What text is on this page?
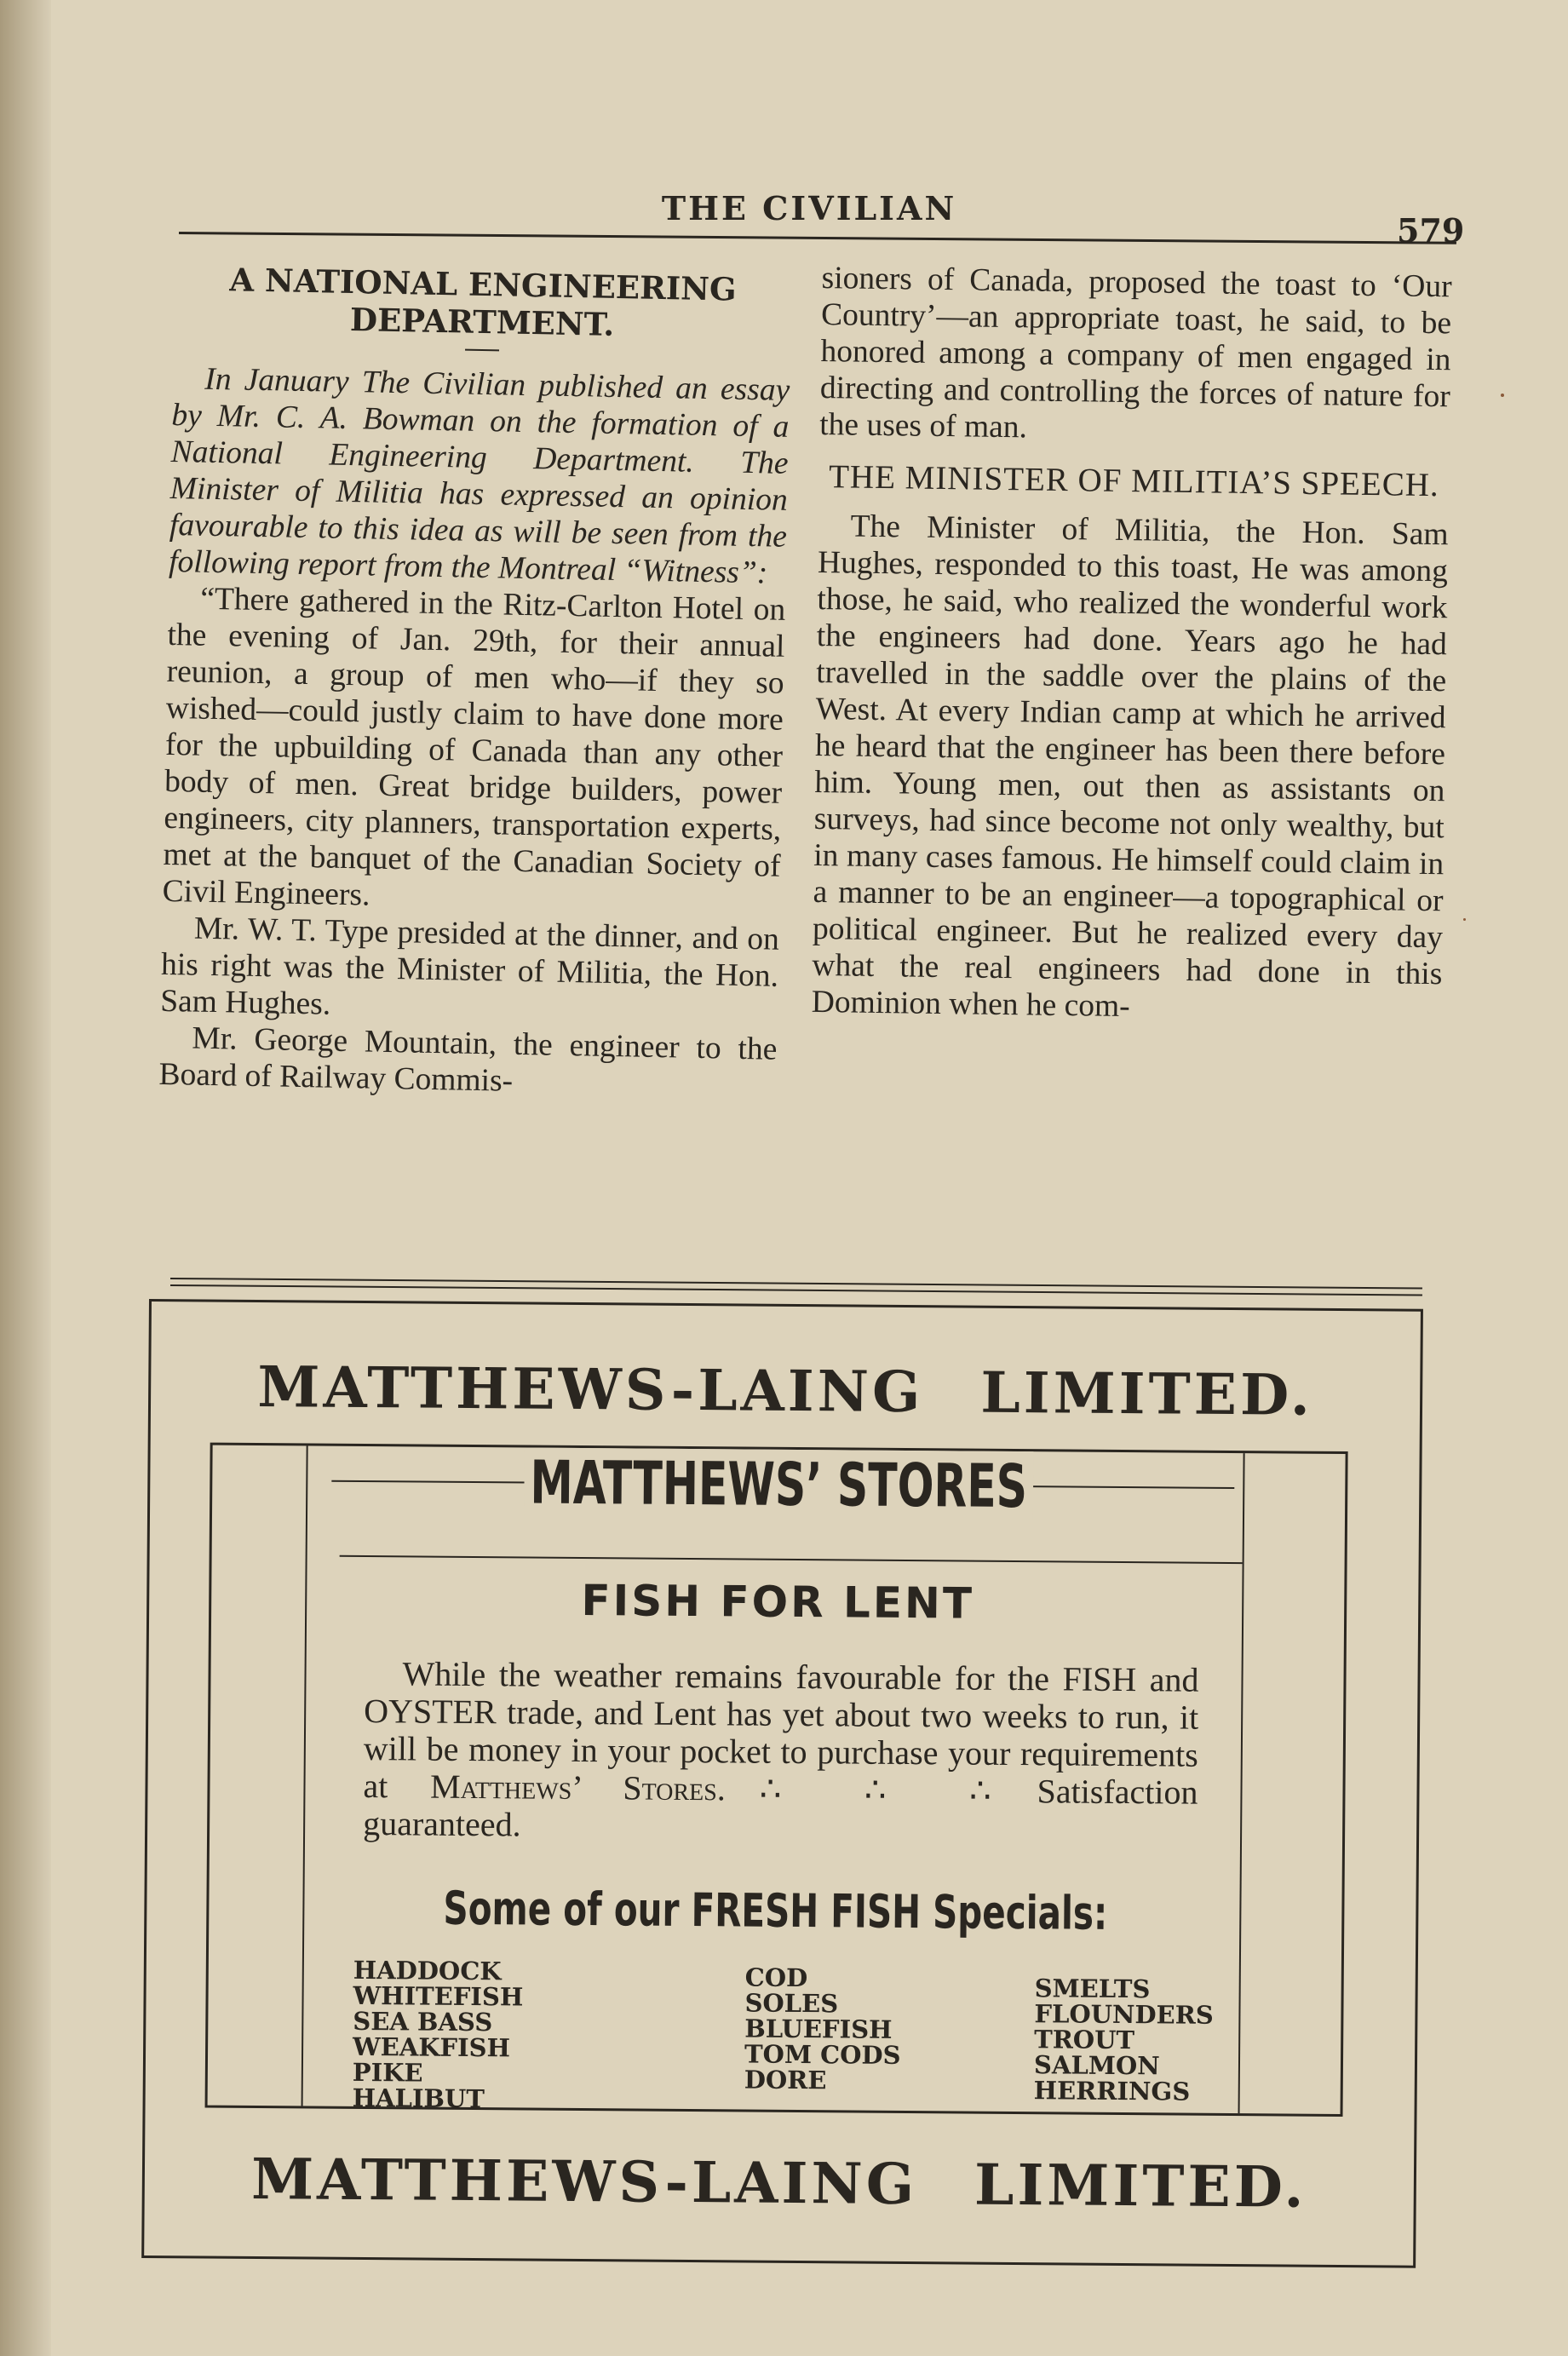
THE CIVILIAN
579
A NATIONAL ENGINEERING DEPARTMENT.

In January The Civilian published an essay by Mr. C. A. Bowman on the formation of a National Engineering Department. The Minister of Militia has expressed an opinion favourable to this idea as will be seen from the following report from the Montreal “Witness”:

“There gathered in the Ritz-Carlton Hotel on the evening of Jan. 29th, for their annual reunion, a group of men who—if they so wished—could justly claim to have done more for the upbuilding of Canada than any other body of men. Great bridge builders, power engineers, city planners, transportation experts, met at the banquet of the Canadian Society of Civil Engineers.

Mr. W. T. Type presided at the dinner, and on his right was the Minister of Militia, the Hon. Sam Hughes.

Mr. George Mountain, the engineer to the Board of Railway Commis-

sioners of Canada, proposed the toast to ‘Our Country’—an appropriate toast, he said, to be honored among a company of men engaged in directing and controlling the forces of nature for the uses of man.

THE MINISTER OF MILITIA’S SPEECH.

The Minister of Militia, the Hon. Sam Hughes, responded to this toast, He was among those, he said, who realized the wonderful work the engineers had done. Years ago he had travelled in the saddle over the plains of the West. At every Indian camp at which he arrived he heard that the engineer has been there before him. Young men, out then as assistants on surveys, had since become not only wealthy, but in many cases famous. He himself could claim in a manner to be an engineer—a topographical or political engineer. But he realized every day what the real engineers had done in this Dominion when he com-

MATTHEWS-LAING LIMITED.
MATTHEWS’ STORES
FISH FOR LENT

While the weather remains favourable for the FISH and OYSTER trade, and Lent has yet about two weeks to run, it will be money in your pocket to purchase your requirements at Matthews’ Stores. ∴ ∴ ∴ Satisfaction guaranteed.

Some of our FRESH FISH Specials:
HADDOCK
WHITEFISH
SEA BASS
WEAKFISH
PIKE
HALIBUT
COD
SOLES
BLUEFISH
TOM CODS
DORE
SMELTS
FLOUNDERS
TROUT
SALMON
HERRINGS
MATTHEWS-LAING LIMITED.
